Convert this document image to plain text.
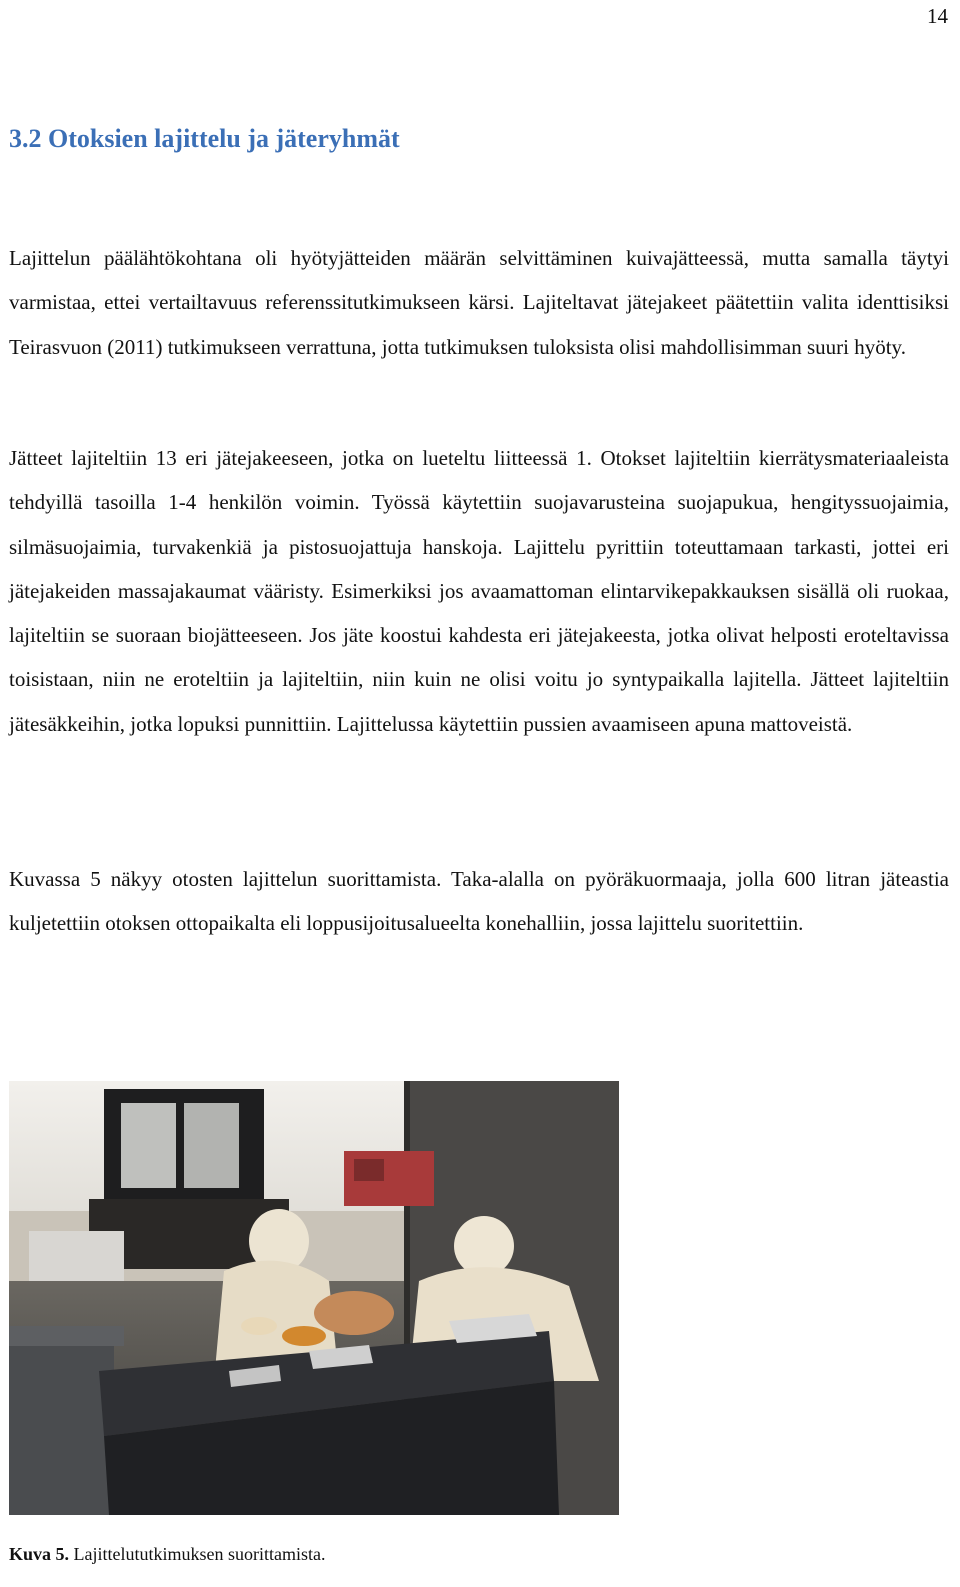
14
3.2 Otoksien lajittelu ja jäteryhmät

Lajittelun päälähtökohtana oli hyötyjätteiden määrän selvittäminen kuivajätteessä, mutta samalla täytyi varmistaa, ettei vertailtavuus referenssitutkimukseen kärsi. Lajiteltavat jätejakeet päätettiin valita identtisiksi Teirasvuon (2011) tutkimukseen verrattuna, jotta tutkimuksen tuloksista olisi mahdollisimman suuri hyöty.

Jätteet lajiteltiin 13 eri jätejakeeseen, jotka on lueteltu liitteessä 1. Otokset lajiteltiin kierrätysmateriaaleista tehdyillä tasoilla 1-4 henkilön voimin. Työssä käytettiin suojavarusteina suojapukua, hengityssuojaimia, silmäsuojaimia, turvakenkiä ja pistosuojattuja hanskoja. Lajittelu pyrittiin toteuttamaan tarkasti, jottei eri jätejakeiden massajakaumat vääristy. Esimerkiksi jos avaamattoman elintarvikepakkauksen sisällä oli ruokaa, lajiteltiin se suoraan biojätteeseen. Jos jäte koostui kahdesta eri jätejakeesta, jotka olivat helposti eroteltavissa toisistaan, niin ne eroteltiin ja lajiteltiin, niin kuin ne olisi voitu jo syntypaikalla lajitella. Jätteet lajiteltiin jätesäkkeihin, jotka lopuksi punnittiin. Lajittelussa käytettiin pussien avaamiseen apuna mattoveistä.

Kuvassa 5 näkyy otosten lajittelun suorittamista. Taka-alalla on pyöräkuormaaja, jolla 600 litran jäteastia kuljetettiin otoksen ottopaikalta eli loppusijoitusalueelta konehalliin, jossa lajittelu suoritettiin.

Kuva 5. Lajittelututkimuksen suorittamista.
